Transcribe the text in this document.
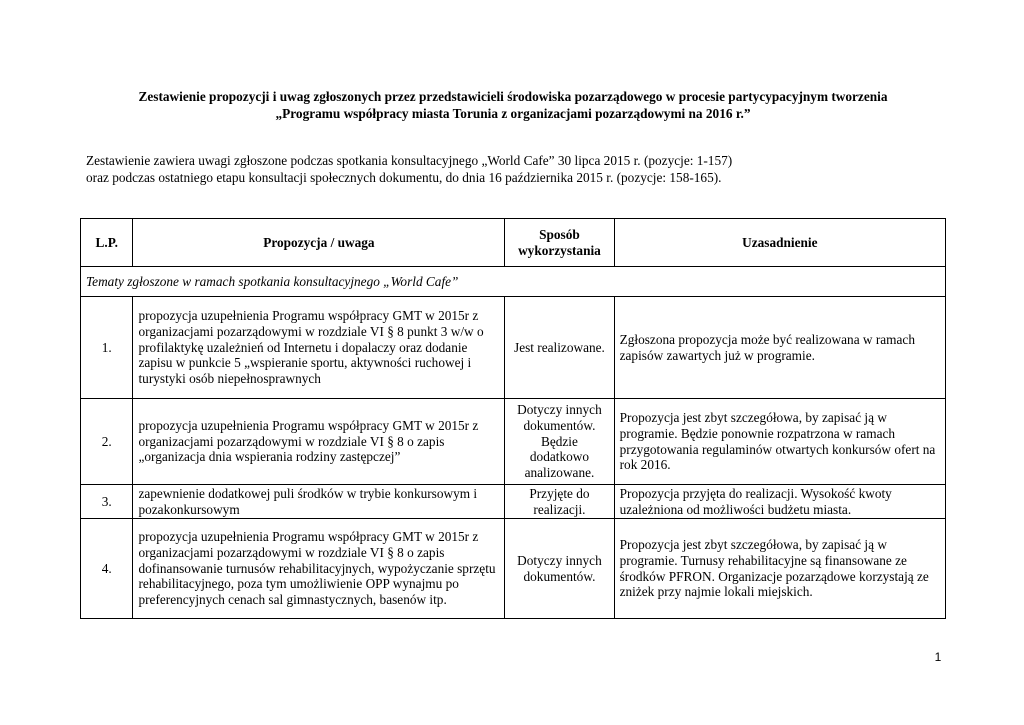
Zestawienie propozycji i uwag zgłoszonych przez przedstawicieli środowiska pozarządowego w procesie partycypacyjnym tworzenia
„Programu współpracy miasta Torunia z organizacjami pozarządowymi na 2016 r.”
Zestawienie zawiera uwagi zgłoszone podczas spotkania konsultacyjnego „World Cafe” 30 lipca 2015 r. (pozycje: 1-157)
oraz podczas ostatniego etapu konsultacji społecznych dokumentu, do dnia 16 października 2015 r. (pozycje: 158-165).
L.P.	Propozycja / uwaga	Sposób wykorzystania	Uzasadnienie
Tematy zgłoszone w ramach spotkania konsultacyjnego „World Cafe”			
1.	propozycja uzupełnienia Programu współpracy GMT w 2015r z organizacjami pozarządowymi w rozdziale VI § 8 punkt 3 w/w o profilaktykę uzależnień od Internetu i dopalaczy oraz dodanie zapisu w punkcie 5 „wspieranie sportu, aktywności ruchowej i turystyki osób niepełnosprawnych	Jest realizowane.	Zgłoszona propozycja może być realizowana w ramach zapisów zawartych już w programie.
2.	propozycja uzupełnienia Programu współpracy GMT w 2015r z organizacjami pozarządowymi w rozdziale VI § 8 o zapis „organizacja dnia wspierania rodziny zastępczej”	Dotyczy innych dokumentów. Będzie dodatkowo analizowane.	Propozycja jest zbyt szczegółowa, by zapisać ją w programie. Będzie ponownie rozpatrzona w ramach przygotowania regulaminów otwartych konkursów ofert na rok 2016.
3.	zapewnienie dodatkowej puli środków w trybie konkursowym i pozakonkursowym	Przyjęte do realizacji.	Propozycja przyjęta do realizacji. Wysokość kwoty uzależniona od możliwości budżetu miasta.
4.	propozycja uzupełnienia Programu współpracy GMT w 2015r z organizacjami pozarządowymi w rozdziale VI § 8 o zapis dofinansowanie turnusów rehabilitacyjnych, wypożyczanie sprzętu rehabilitacyjnego, poza tym umożliwienie OPP wynajmu po preferencyjnych cenach sal gimnastycznych, basenów itp.	Dotyczy innych dokumentów.	Propozycja jest zbyt szczegółowa, by zapisać ją w programie. Turnusy rehabilitacyjne są finansowane ze środków PFRON. Organizacje pozarządowe korzystają ze zniżek przy najmie lokali miejskich.
1
